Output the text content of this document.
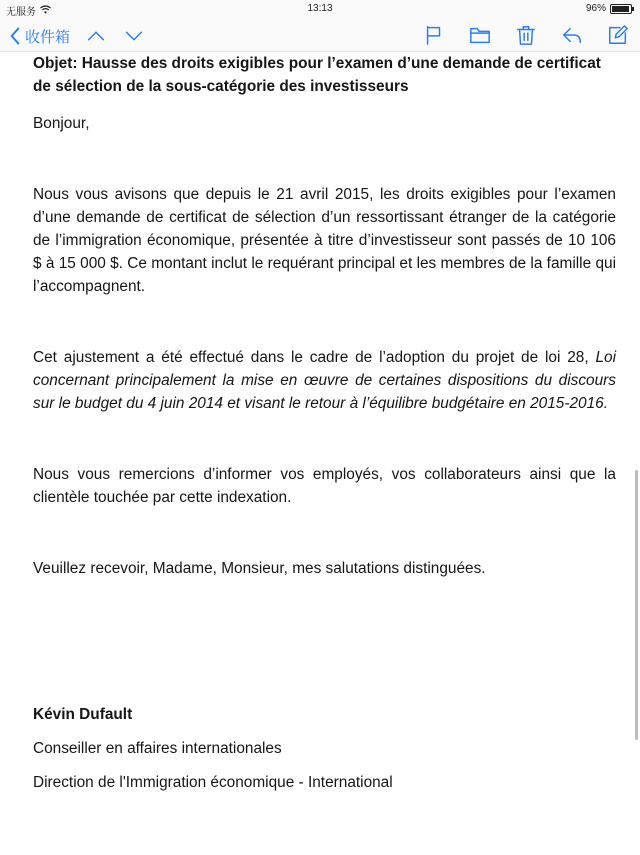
无服务	13:13	96%
收件箱

Objet: Hausse des droits exigibles pour l’examen d’une demande de certificat de sélection de la sous-catégorie des investisseurs

Bonjour,

Nous vous avisons que depuis le 21 avril 2015, les droits exigibles pour l’examen d’une demande de certificat de sélection d’un ressortissant étranger de la catégorie de l’immigration économique, présentée à titre d’investisseur sont passés de 10 106 $ à 15 000 $. Ce montant inclut le requérant principal et les membres de la famille qui l’accompagnent.

Cet ajustement a été effectué dans le cadre de l’adoption du projet de loi 28, Loi concernant principalement la mise en œuvre de certaines dispositions du discours sur le budget du 4 juin 2014 et visant le retour à l’équilibre budgétaire en 2015-2016.

Nous vous remercions d’informer vos employés, vos collaborateurs ainsi que la clientèle touchée par cette indexation.

Veuillez recevoir, Madame, Monsieur, mes salutations distinguées.

Kévin Dufault

Conseiller en affaires internationales

Direction de l'Immigration économique - International
